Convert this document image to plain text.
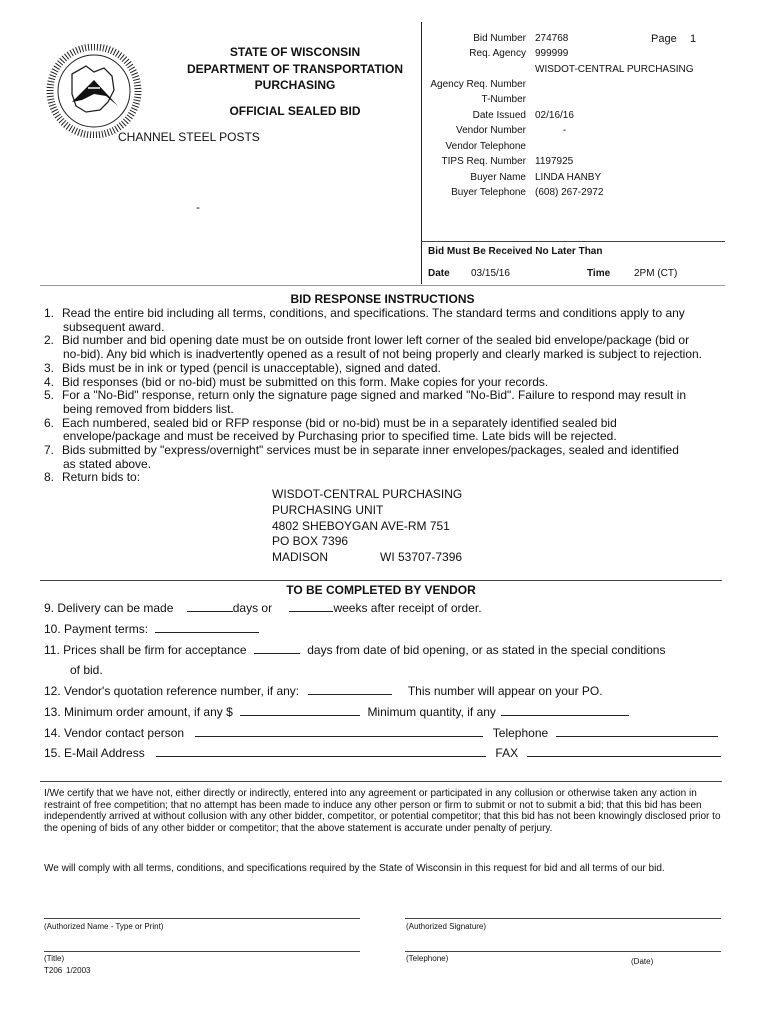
STATE OF WISCONSIN
DEPARTMENT OF TRANSPORTATION
PURCHASING
OFFICIAL SEALED BID
CHANNEL STEEL POSTS
-
Bid Number 274768	Page 1
Req. Agency 999999
WISDOT-CENTRAL PURCHASING
Agency Req. Number
T-Number
Date Issued 02/16/16
Vendor Number	-
Vendor Telephone
TIPS Req. Number 1197925
Buyer Name LINDA HANBY
Buyer Telephone (608) 267-2972
Bid Must Be Received No Later Than
Date 03/15/16	Time 2PM (CT)
BID RESPONSE INSTRUCTIONS
1. Read the entire bid including all terms, conditions, and specifications. The standard terms and conditions apply to any
subsequent award.
2. Bid number and bid opening date must be on outside front lower left corner of the sealed bid envelope/package (bid or
no-bid). Any bid which is inadvertently opened as a result of not being properly and clearly marked is subject to rejection.
3. Bids must be in ink or typed (pencil is unacceptable), signed and dated.
4. Bid responses (bid or no-bid) must be submitted on this form. Make copies for your records.
5. For a "No-Bid" response, return only the signature page signed and marked "No-Bid". Failure to respond may result in
being removed from bidders list.
6. Each numbered, sealed bid or RFP response (bid or no-bid) must be in a separately identified sealed bid
envelope/package and must be received by Purchasing prior to specified time. Late bids will be rejected.
7. Bids submitted by "express/overnight" services must be in separate inner envelopes/packages, sealed and identified
as stated above.
8. Return bids to:
WISDOT-CENTRAL PURCHASING
PURCHASING UNIT
4802 SHEBOYGAN AVE-RM 751
PO BOX 7396
MADISON	WI 53707-7396
TO BE COMPLETED BY VENDOR
9. Delivery can be made	days or	weeks after receipt of order.
10. Payment terms:
11. Prices shall be firm for acceptance	days from date of bid opening, or as stated in the special conditions
of bid.
12. Vendor's quotation reference number, if any:	This number will appear on your PO.
13. Minimum order amount, if any $	Minimum quantity, if any
14. Vendor contact person	Telephone
15. E-Mail Address	FAX
I/We certify that we have not, either directly or indirectly, entered into any agreement or participated in any collusion or otherwise taken any action in restraint of free competition; that no attempt has been made to induce any other person or firm to submit or not to submit a bid; that this bid has been independently arrived at without collusion with any other bidder, competitor, or potential competitor; that this bid has not been knowingly disclosed prior to the opening of bids of any other bidder or competitor; that the above statement is accurate under penalty of perjury.
We will comply with all terms, conditions, and specifications required by the State of Wisconsin in this request for bid and all terms of our bid.
(Authorized Name - Type or Print)	(Authorized Signature)
(Title)	(Telephone)	(Date)
T206 1/2003
